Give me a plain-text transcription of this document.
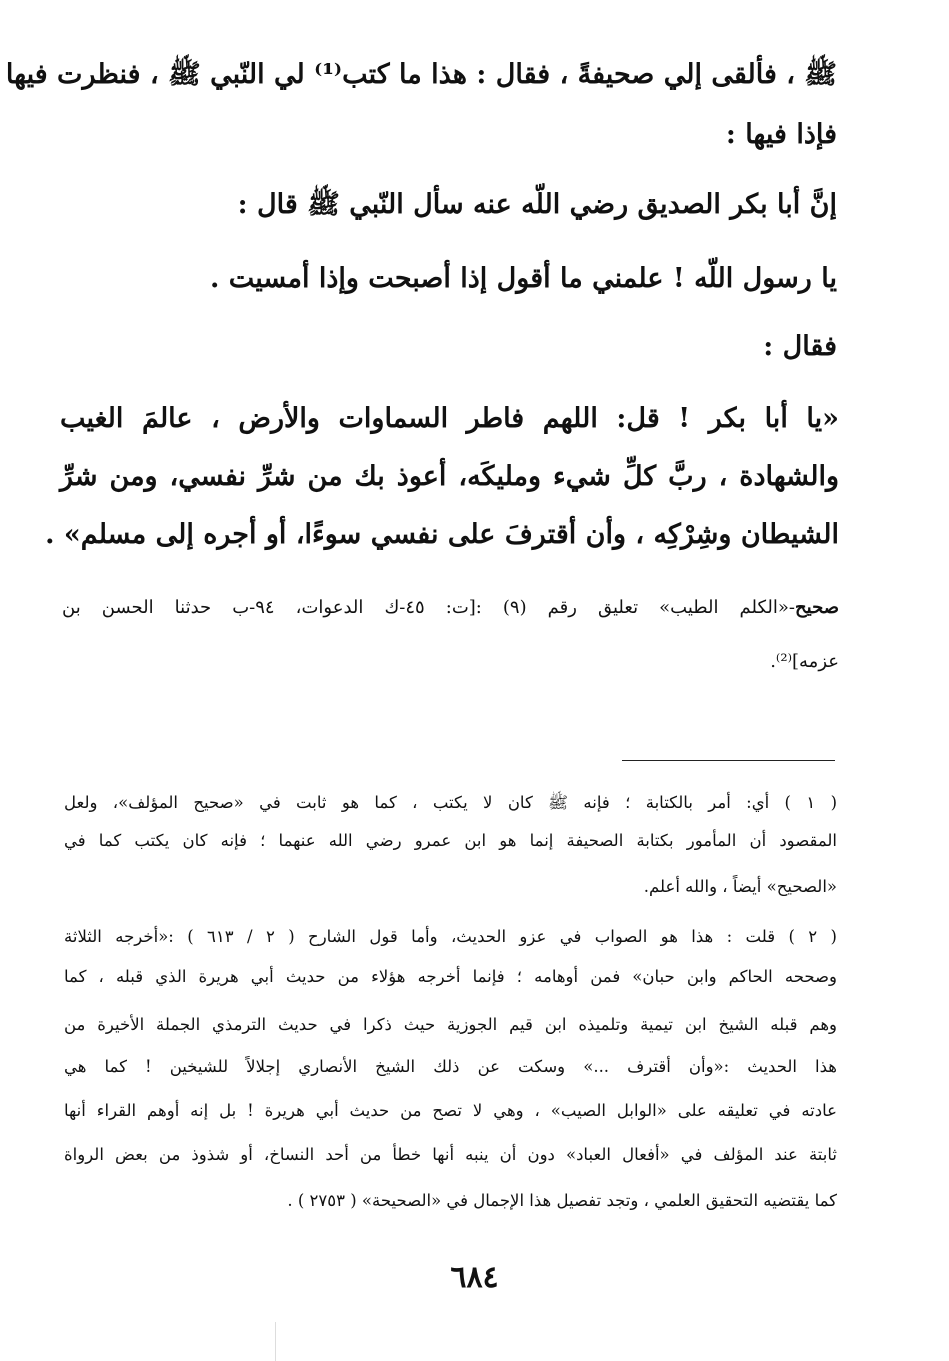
ﷺ ، فألقى إلي صحيفةً ، فقال : هذا ما كتب⁽¹⁾ لي النّبي ﷺ ، فنظرت فيها
فإذا فيها :
إنَّ أبا بكر الصديق رضي اللّه عنه سأل النّبي ﷺ قال :
يا رسول اللّه ! علمني ما أقول إذا أصبحت وإذا أمسيت .
فقال :
«يا أبا بكر ! قل: اللهم فاطر السماوات والأرض ، عالمَ الغيب
والشهادة ، ربَّ كلِّ شيء ومليكَه، أعوذ بك من شرِّ نفسي، ومن شرِّ
الشيطان وشِرْكِه ، وأن أقترفَ على نفسي سوءًا، أو أجره إلى مسلم» .
صحيح-«الكلم الطيب» تعليق رقم (٩) :[ت: ٤٥-ك الدعوات، ٩٤-ب حدثنا الحسن بن
عزمه]⁽²⁾.
( ١ ) أي: أمر بالكتابة ؛ فإنه ﷺ كان لا يكتب ، كما هو ثابت في «صحيح المؤلف»، ولعل
المقصود أن المأمور بكتابة الصحيفة إنما هو ابن عمرو رضي الله عنهما ؛ فإنه كان يكتب كما في
«الصحيح» أيضاً ، والله أعلم.
( ٢ ) قلت : هذا هو الصواب في عزو الحديث، وأما قول الشارح ( ٢ / ٦١٣ ) :«أخرجه الثلاثة
وصححه الحاكم وابن حبان» فمن أوهامه ؛ فإنما أخرجه هؤلاء من حديث أبي هريرة الذي قبله ، كما
وهم قبله الشيخ ابن تيمية وتلميذه ابن قيم الجوزية حيث ذكرا في حديث الترمذي الجملة الأخيرة من
هذا الحديث :«وأن أقترف ...» وسكت عن ذلك الشيخ الأنصاري إجلالاً للشيخين ! كما هي
عادته في تعليقه على «الوابل الصيب» ، وهي لا تصح من حديث أبي هريرة ! بل إنه أوهم القراء أنها
ثابتة عند المؤلف في «أفعال العباد» دون أن ينبه أنها خطأ من أحد النساخ، أو شذوذ من بعض الرواة
كما يقتضيه التحقيق العلمي ، وتجد تفصيل هذا الإجمال في «الصحيحة» ( ٢٧٥٣ ) .
٦٨٤
